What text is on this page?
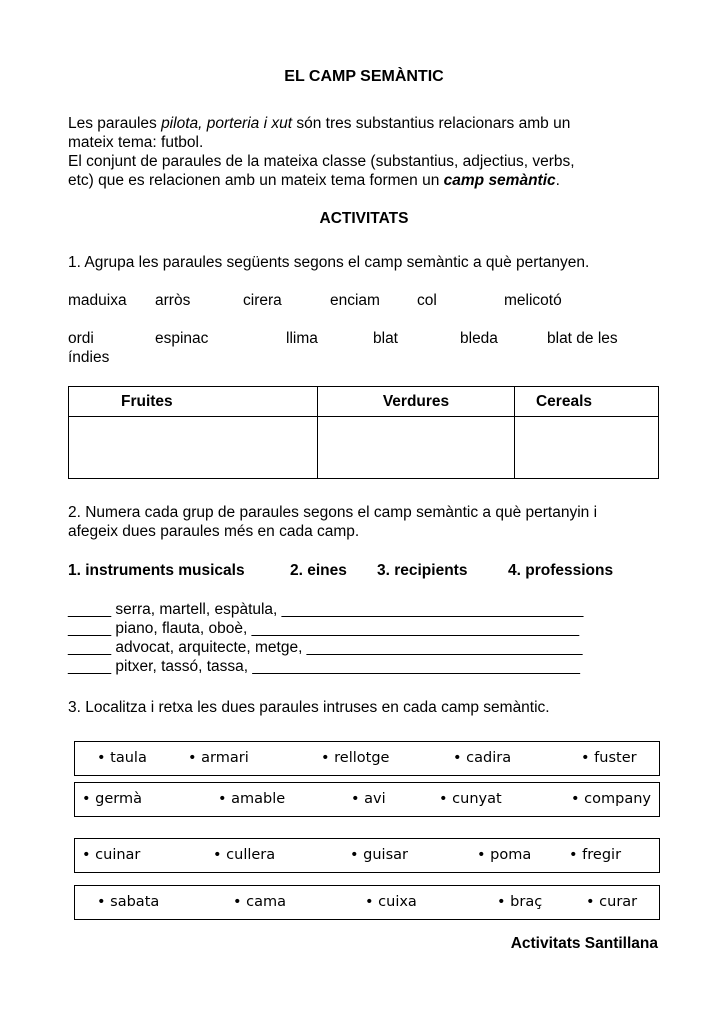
EL CAMP SEMÀNTIC
Les paraules pilota, porteria i xut són tres substantius relacionars amb un
mateix tema: futbol.
El conjunt de paraules de la mateixa classe (substantius, adjectius, verbs,
etc) que es relacionen amb un mateix tema formen un camp semàntic.
ACTIVITATS
1. Agrupa les paraules següents segons el camp semàntic a què pertanyen.
maduixa arròs	cirera	enciam col	melicotó
ordi	espinac	llima	blat	bleda	blat de les
índies
Fruites	Verdures	Cereals

2. Numera cada grup de paraules segons el camp semàntic a què pertanyin i
afegeix dues paraules més en cada camp.
1. instruments musicals	2. eines 3. recipients	4. professions
_____ serra, martell, espàtula, ___________________________________
_____ piano, flauta, oboè, ______________________________________
_____ advocat, arquitecte, metge, ________________________________
_____ pitxer, tassó, tassa, ______________________________________
3. Localitza i retxa les dues paraules intruses en cada camp semàntic.
• taula	• armari	• rellotge	• cadira	• fuster
• germà	• amable	• avi	• cunyat	• company
• cuinar	• cullera	• guisar	• poma	• fregir
• sabata	• cama	• cuixa	• braç	• curar
Activitats Santillana
